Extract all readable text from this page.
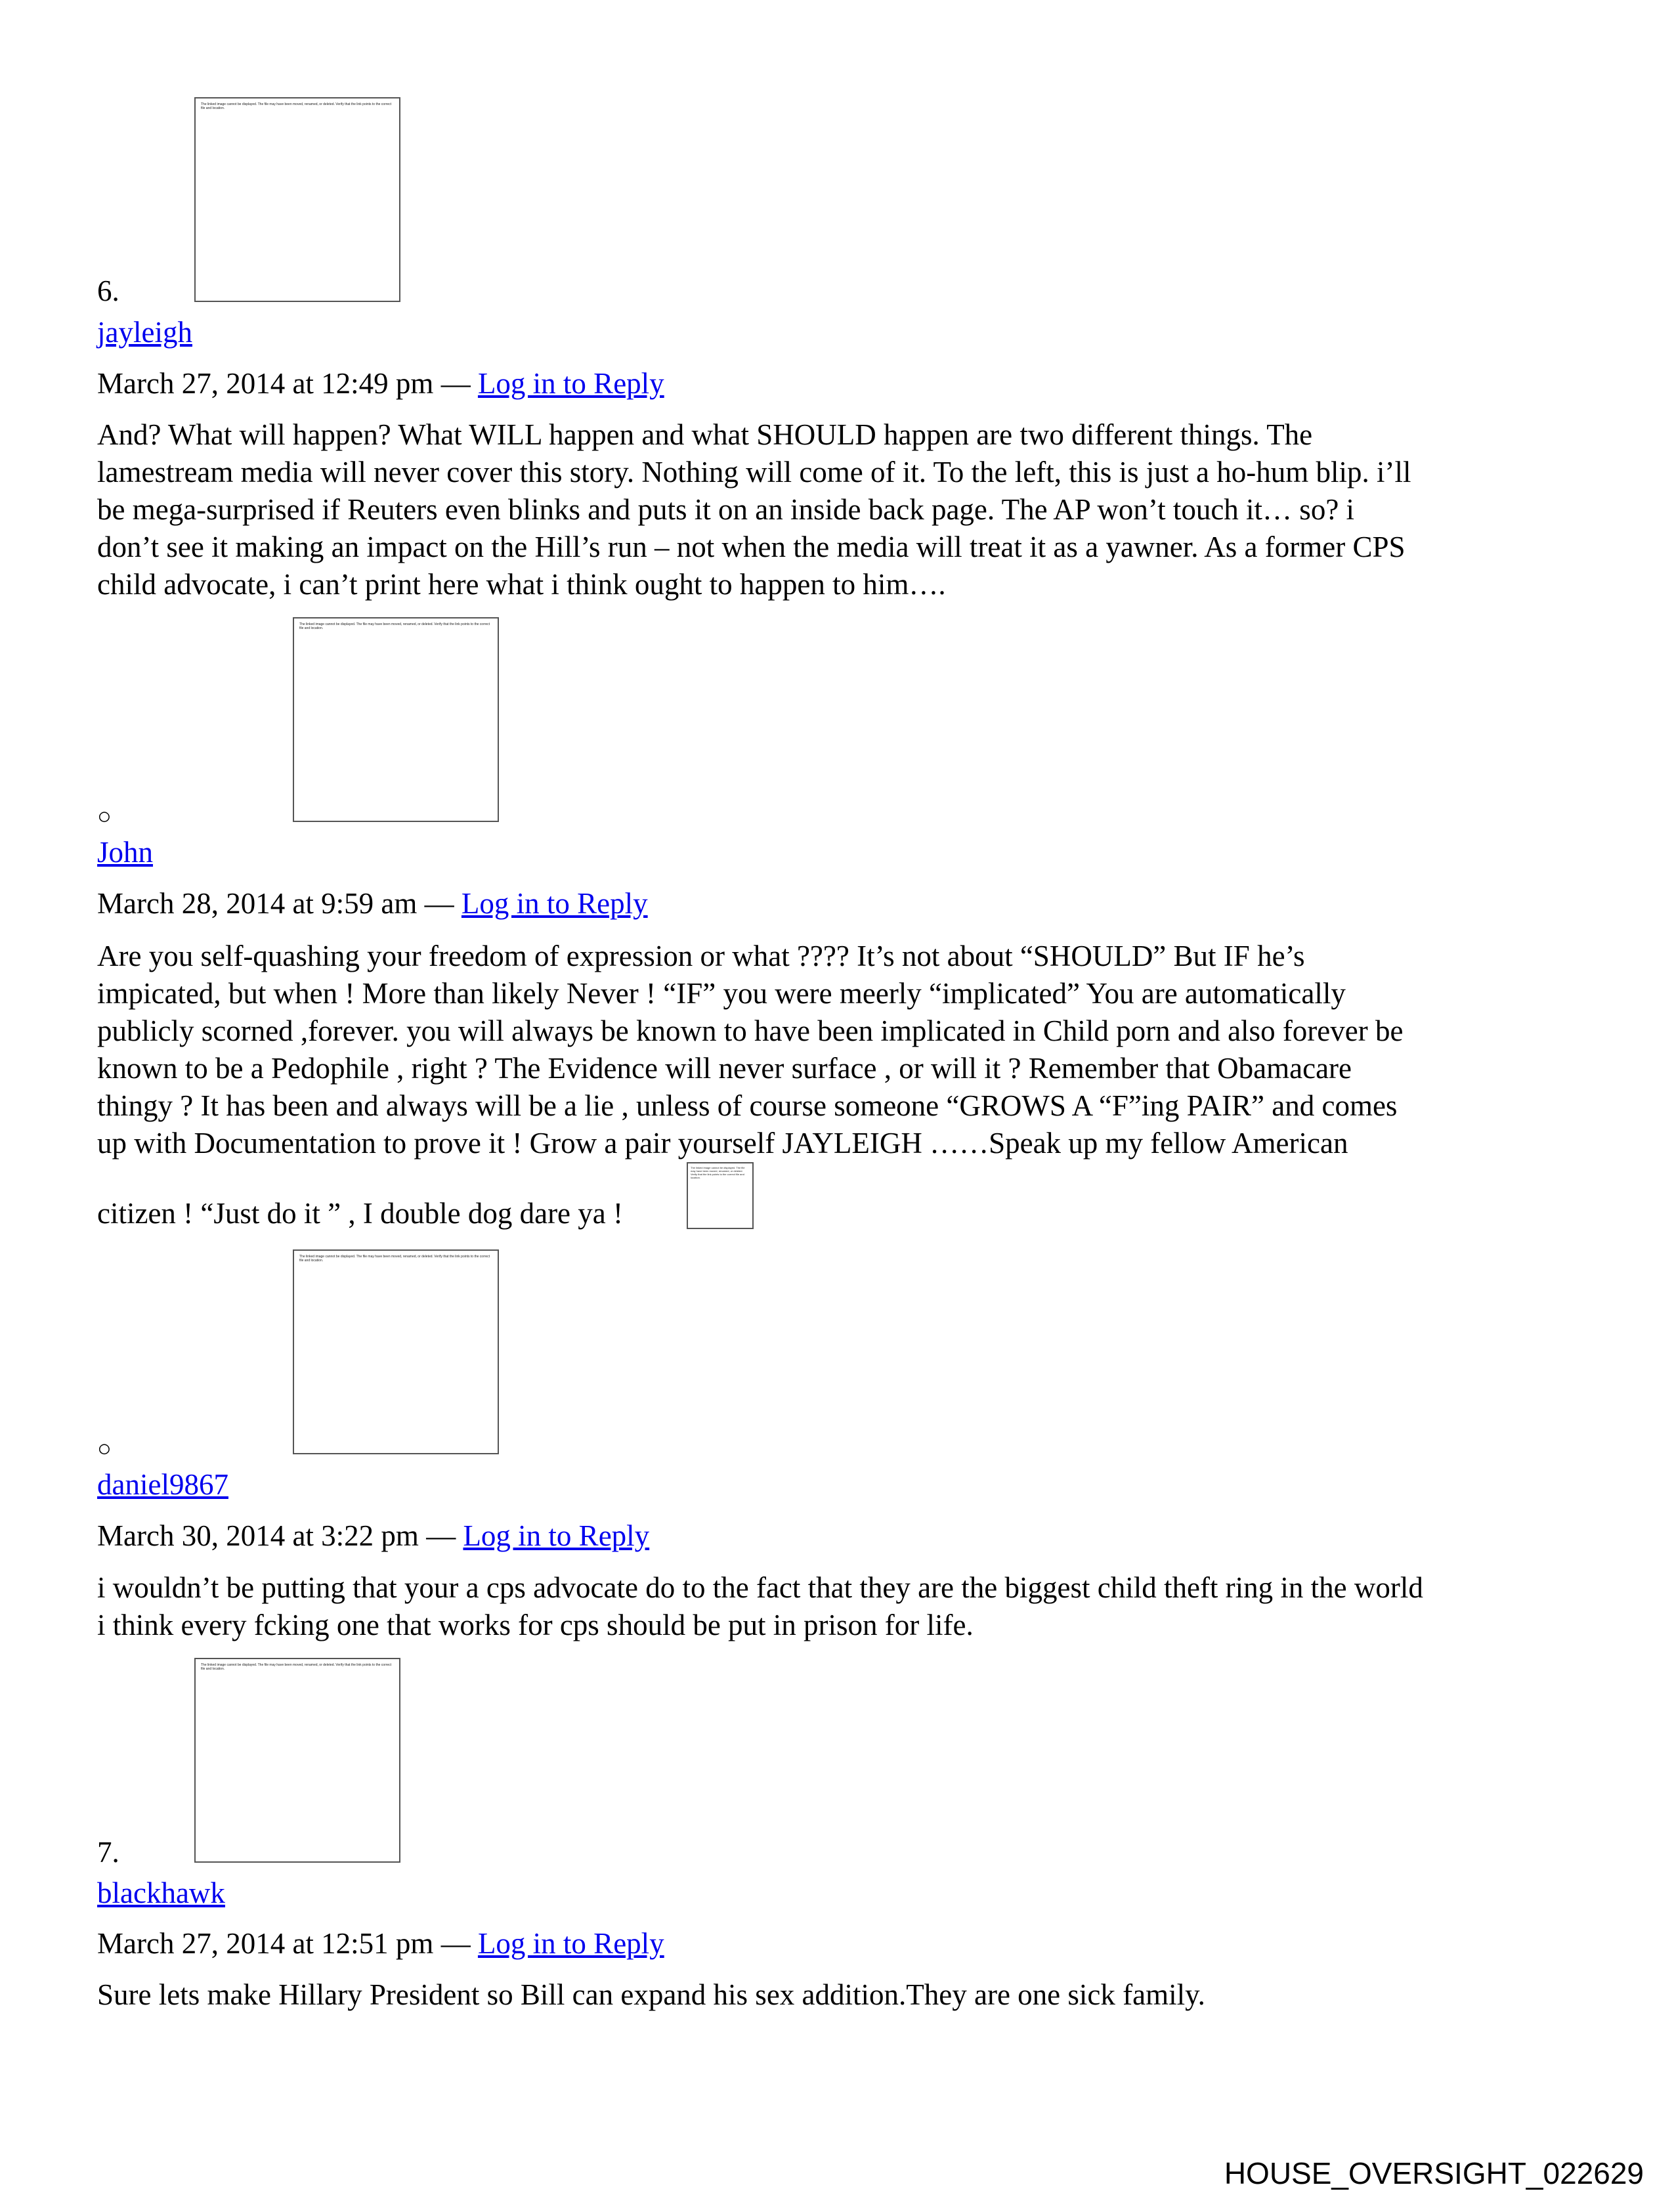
The linked image cannot be displayed. The file may have been moved, renamed, or deleted. Verify that the link points to the correct file and location.
6.
jayleigh
March 27, 2014 at 12:49 pm — Log in to Reply
And? What will happen? What WILL happen and what SHOULD happen are two different things. The
lamestream media will never cover this story. Nothing will come of it. To the left, this is just a ho-hum blip. i’ll
be mega-surprised if Reuters even blinks and puts it on an inside back page. The AP won’t touch it… so? i
don’t see it making an impact on the Hill’s run – not when the media will treat it as a yawner. As a former CPS
child advocate, i can’t print here what i think ought to happen to him….
The linked image cannot be displayed. The file may have been moved, renamed, or deleted. Verify that the link points to the correct file and location.
○
John
March 28, 2014 at 9:59 am — Log in to Reply
Are you self-quashing your freedom of expression or what ???? It’s not about “SHOULD” But IF he’s
impicated, but when ! More than likely Never ! “IF” you were meerly “implicated” You are automatically
publicly scorned ,forever. you will always be known to have been implicated in Child porn and also forever be
known to be a Pedophile , right ? The Evidence will never surface , or will it ? Remember that Obamacare
thingy ? It has been and always will be a lie , unless of course someone “GROWS A “F”ing PAIR” and comes
up with Documentation to prove it ! Grow a pair yourself JAYLEIGH ……Speak up my fellow American
citizen ! “Just do it ” , I double dog dare ya !
The linked image cannot be displayed. The file may have been moved, renamed, or deleted. Verify that the link points to the correct file and location.
The linked image cannot be displayed. The file may have been moved, renamed, or deleted. Verify that the link points to the correct file and location.
○
daniel9867
March 30, 2014 at 3:22 pm — Log in to Reply
i wouldn’t be putting that your a cps advocate do to the fact that they are the biggest child theft ring in the world
i think every fcking one that works for cps should be put in prison for life.
The linked image cannot be displayed. The file may have been moved, renamed, or deleted. Verify that the link points to the correct file and location.
7.
blackhawk
March 27, 2014 at 12:51 pm — Log in to Reply
Sure lets make Hillary President so Bill can expand his sex addition.They are one sick family.
HOUSE_OVERSIGHT_022629
